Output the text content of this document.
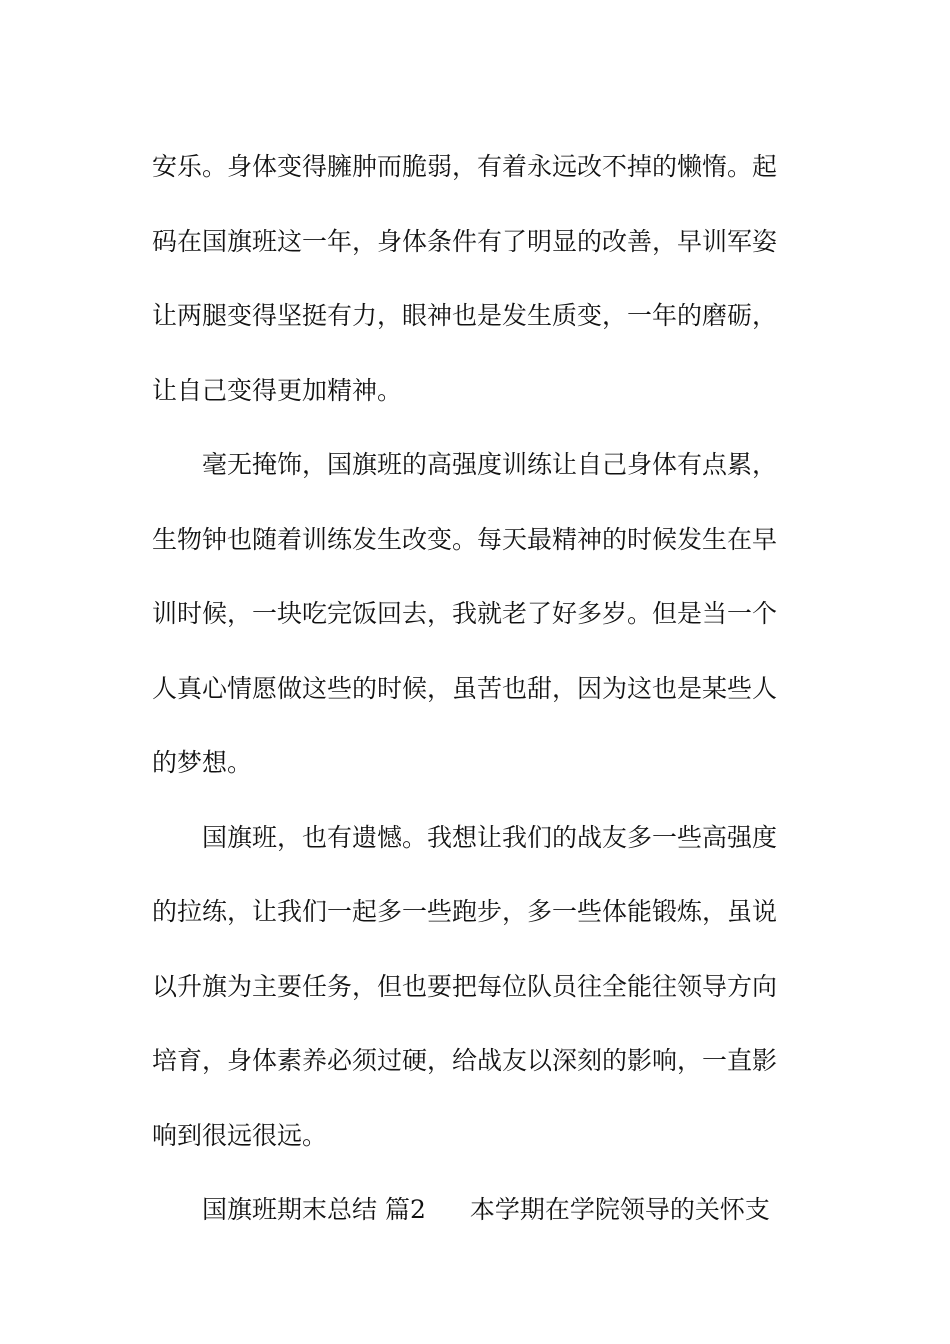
安乐。身体变得臃肿而脆弱，有着永远改不掉的懒惰。起
码在国旗班这一年，身体条件有了明显的改善，早训军姿
让两腿变得坚挺有力，眼神也是发生质变，一年的磨砺，
让自己变得更加精神。
毫无掩饰，国旗班的高强度训练让自己身体有点累，
生物钟也随着训练发生改变。每天最精神的时候发生在早
训时候，一块吃完饭回去，我就老了好多岁。但是当一个
人真心情愿做这些的时候，虽苦也甜，因为这也是某些人
的梦想。
国旗班，也有遗憾。我想让我们的战友多一些高强度
的拉练，让我们一起多一些跑步，多一些体能锻炼，虽说
以升旗为主要任务，但也要把每位队员往全能往领导方向
培育，身体素养必须过硬，给战友以深刻的影响，一直影
响到很远很远。
国旗班期末总结 篇2 本学期在学院领导的关怀支
